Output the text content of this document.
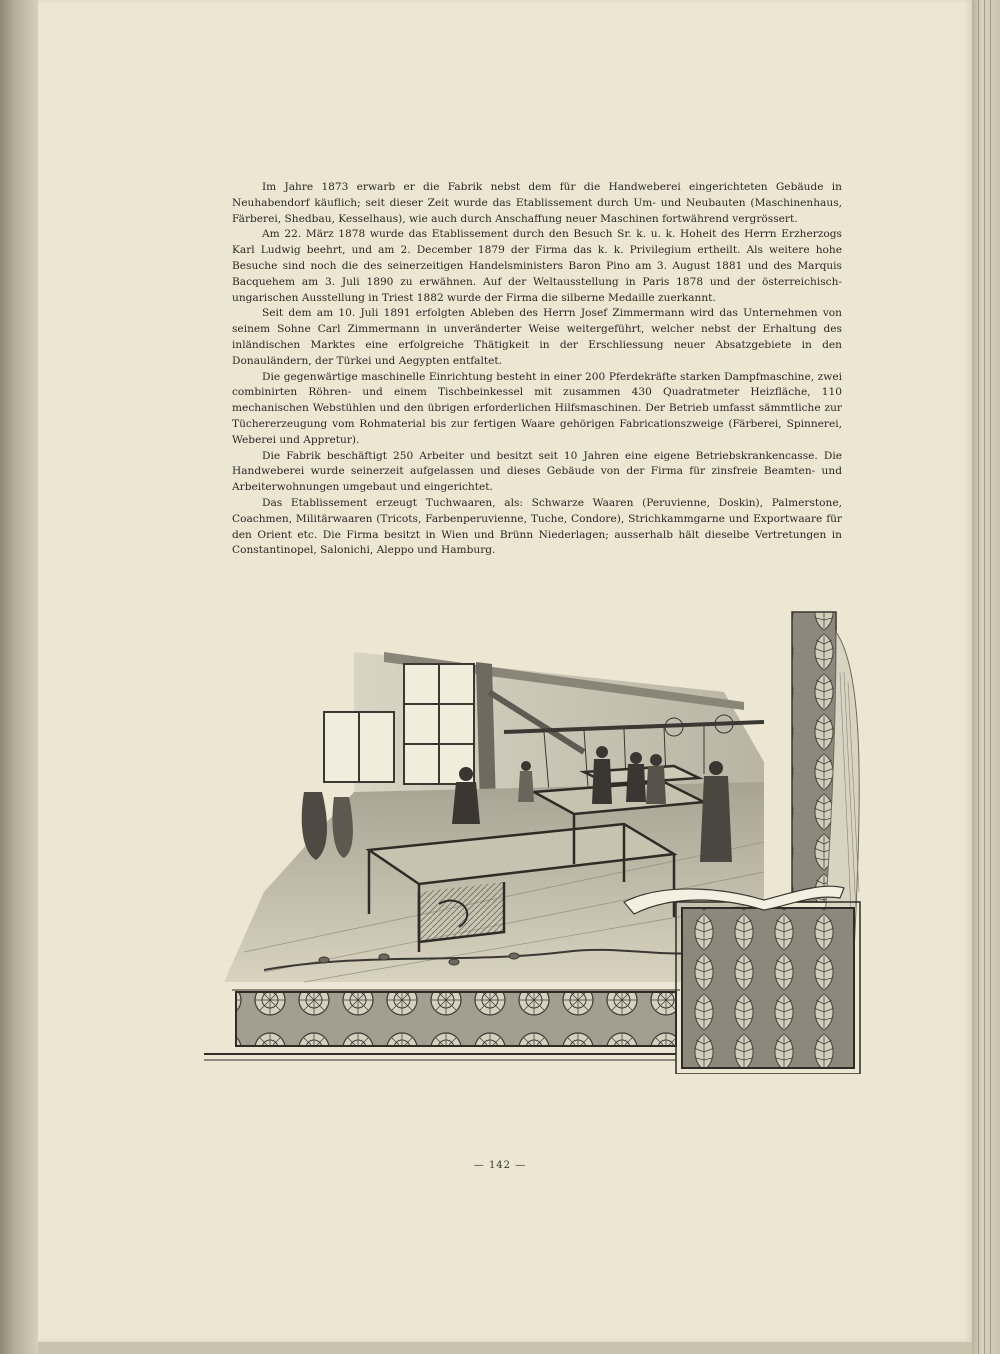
Im Jahre 1873 erwarb er die Fabrik nebst dem für die Handweberei eingerichteten Gebäude in Neuhabendorf käuflich; seit dieser Zeit wurde das Etablissement durch Um- und Neubauten (Maschinenhaus, Färberei, Shedbau, Kesselhaus), wie auch durch Anschaffung neuer Maschinen fortwährend vergrössert.

Am 22. März 1878 wurde das Etablissement durch den Besuch Sr. k. u. k. Hoheit des Herrn Erzherzogs Karl Ludwig beehrt, und am 2. December 1879 der Firma das k. k. Privilegium ertheilt. Als weitere hohe Besuche sind noch die des seinerzeitigen Handelsministers Baron Pino am 3. August 1881 und des Marquis Bacquehem am 3. Juli 1890 zu erwähnen. Auf der Weltausstellung in Paris 1878 und der österreichisch-ungarischen Ausstellung in Triest 1882 wurde der Firma die silberne Medaille zuerkannt.

Seit dem am 10. Juli 1891 erfolgten Ableben des Herrn Josef Zimmermann wird das Unternehmen von seinem Sohne Carl Zimmermann in unveränderter Weise weitergeführt, welcher nebst der Erhaltung des inländischen Marktes eine erfolgreiche Thätigkeit in der Erschliessung neuer Absatzgebiete in den Donauländern, der Türkei und Aegypten entfaltet.

Die gegenwärtige maschinelle Einrichtung besteht in einer 200 Pferdekräfte starken Dampfmaschine, zwei combinirten Röhren- und einem Tischbeinkessel mit zusammen 430 Quadratmeter Heizfläche, 110 mechanischen Webstühlen und den übrigen erforderlichen Hilfsmaschinen. Der Betrieb umfasst sämmtliche zur Tüchererzeugung vom Rohmaterial bis zur fertigen Waare gehörigen Fabricationszweige (Färberei, Spinnerei, Weberei und Appretur).

Die Fabrik beschäftigt 250 Arbeiter und besitzt seit 10 Jahren eine eigene Betriebskrankencasse. Die Handweberei wurde seinerzeit aufgelassen und dieses Gebäude von der Firma für zinsfreie Beamten- und Arbeiterwohnungen umgebaut und eingerichtet.

Das Etablissement erzeugt Tuchwaaren, als: Schwarze Waaren (Peruvienne, Doskin), Palmerstone, Coachmen, Militärwaaren (Tricots, Farbenperuvienne, Tuche, Condore), Strichkammgarne und Exportwaare für den Orient etc. Die Firma besitzt in Wien und Brünn Niederlagen; ausserhalb hält dieselbe Vertretungen in Constantinopel, Salonichi, Aleppo und Hamburg.

— 142 —
